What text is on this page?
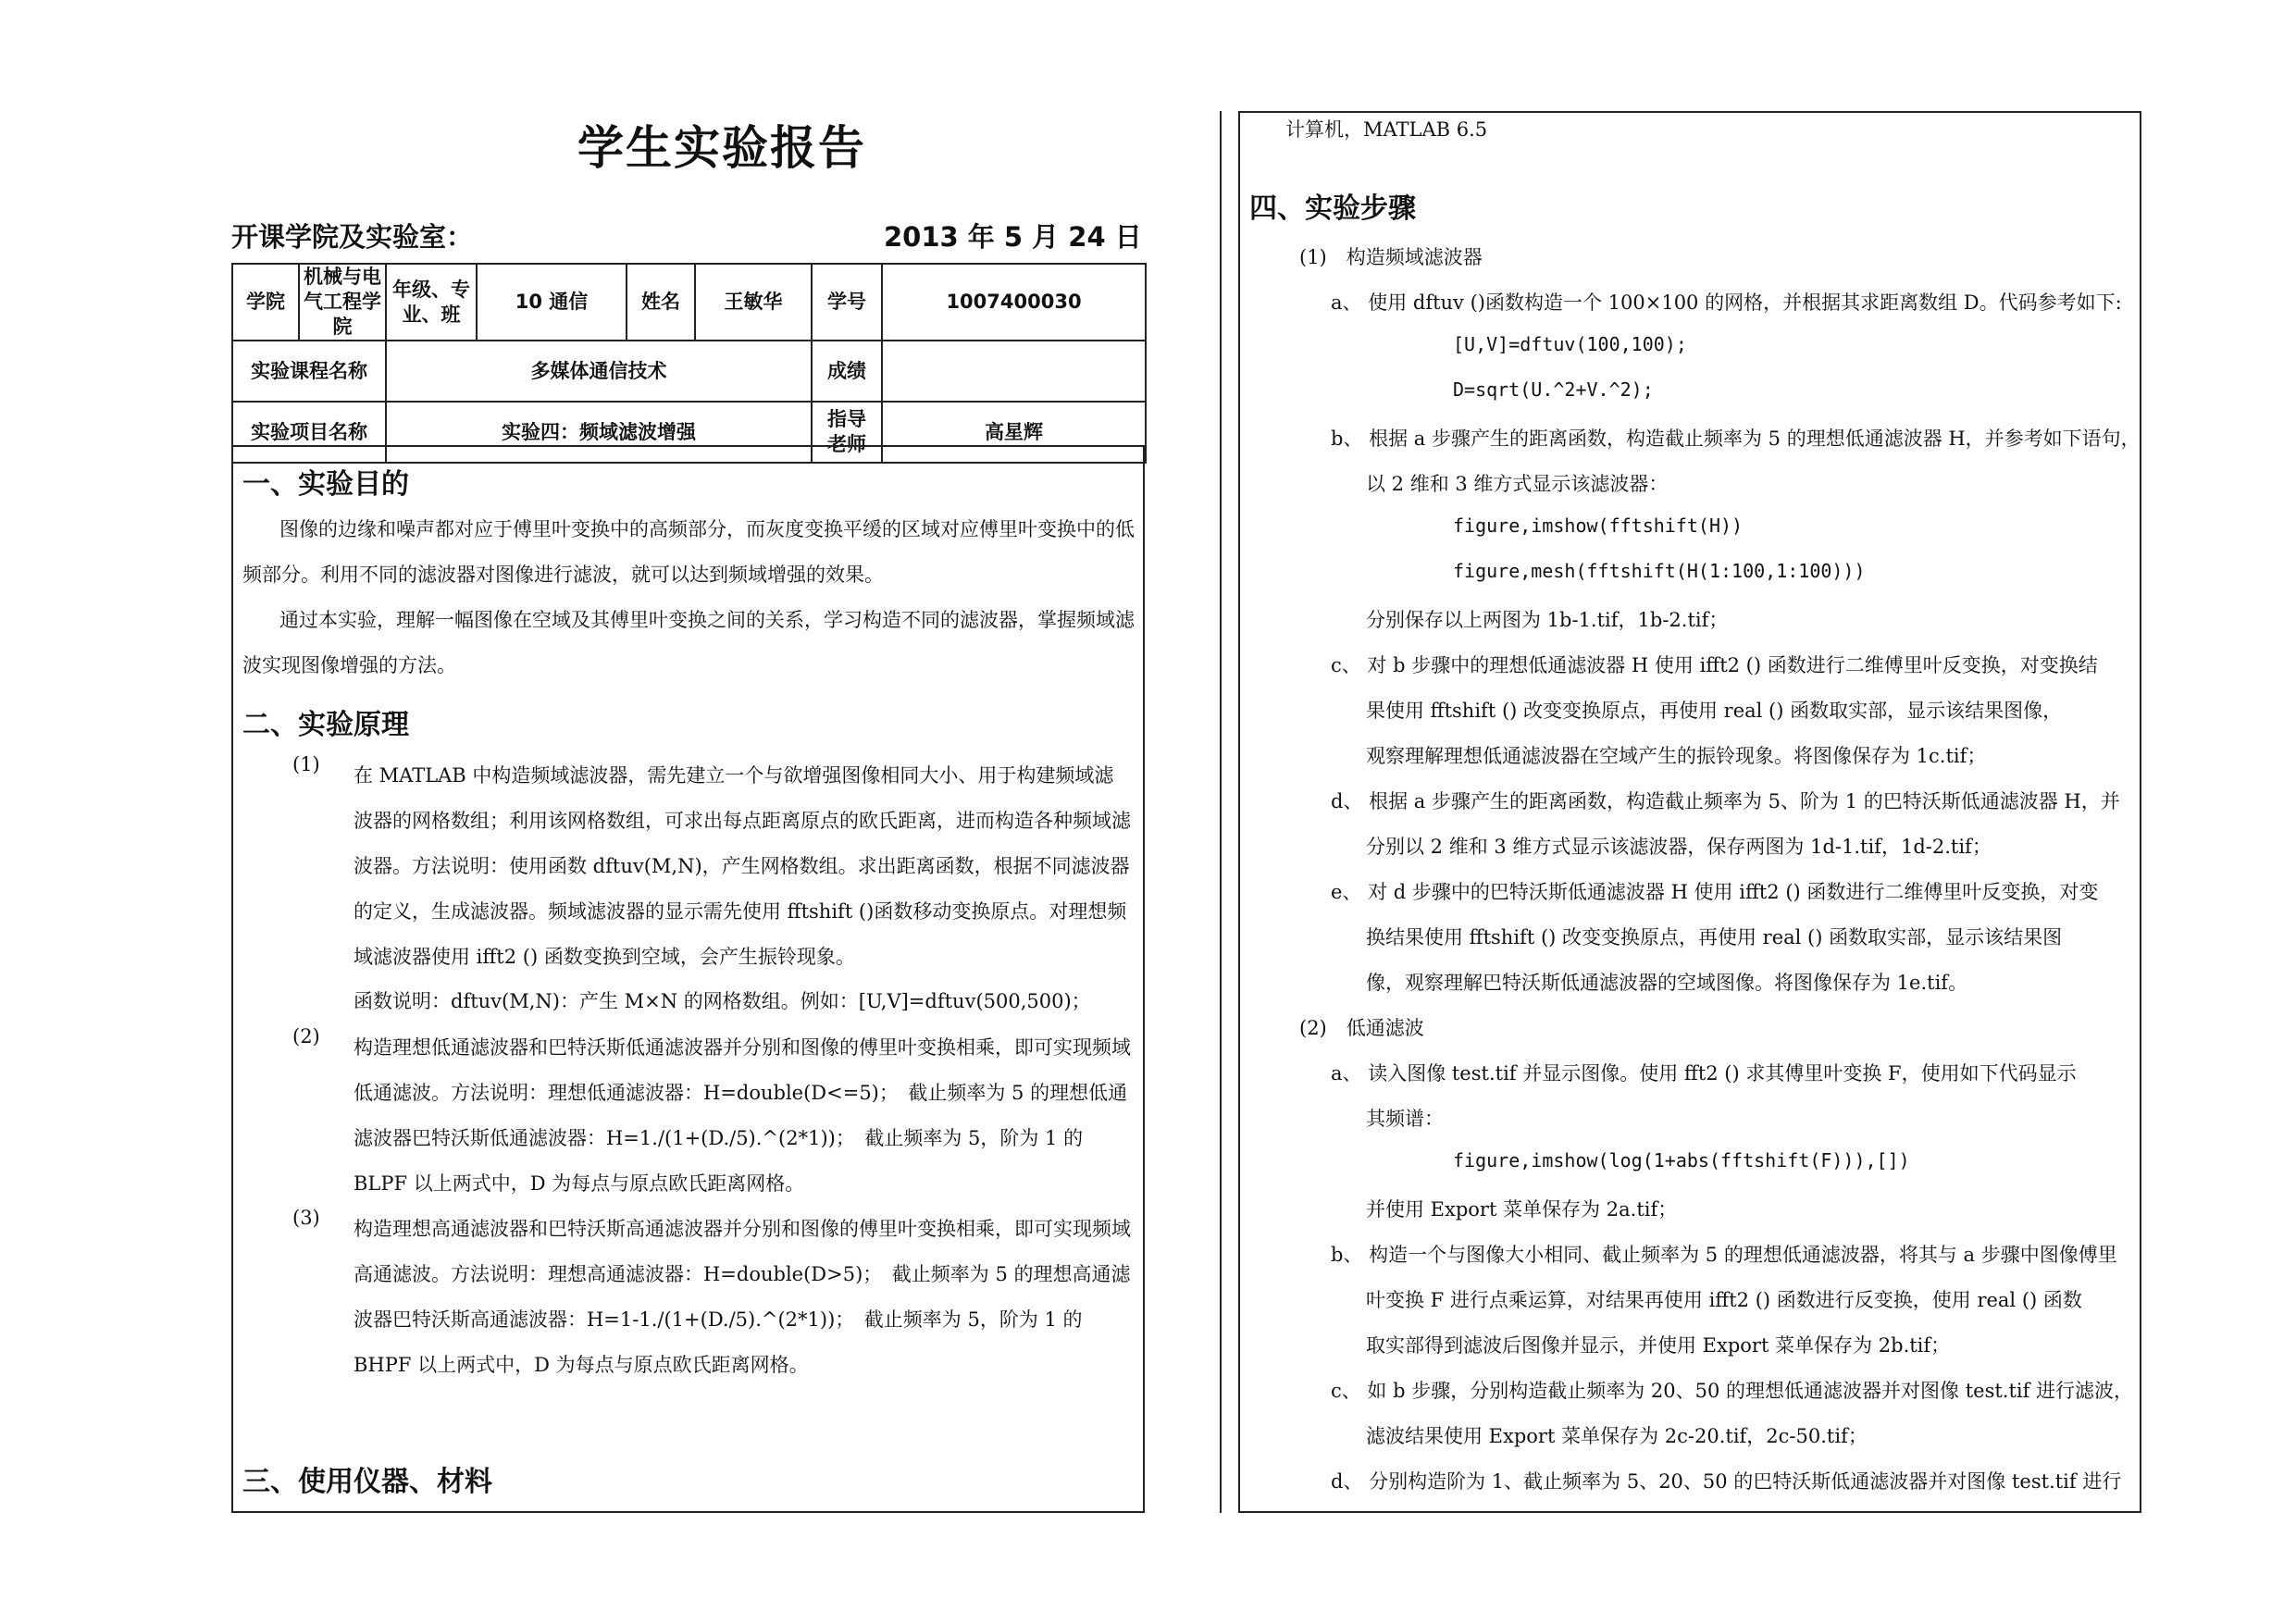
学生实验报告
开课学院及实验室：	2013 年 5 月 24 日
学院	机械与电气工程学院	年级、专业、班	10 通信	姓名	王敏华	学号	1007400030
实验课程名称		多媒体通信技术				成绩	
实验项目名称		实验四：频域滤波增强				指导老师	高星辉
一、实验目的
图像的边缘和噪声都对应于傅里叶变换中的高频部分，而灰度变换平缓的区域对应傅里叶变换中的低频部分。利用不同的滤波器对图像进行滤波，就可以达到频域增强的效果。
通过本实验，理解一幅图像在空域及其傅里叶变换之间的关系，学习构造不同的滤波器，掌握频域滤波实现图像增强的方法。
二、实验原理
(1) 在 MATLAB 中构造频域滤波器，需先建立一个与欲增强图像相同大小、用于构建频域滤波器的网格数组；利用该网格数组，可求出每点距离原点的欧氏距离，进而构造各种频域滤波器。方法说明：使用函数 dftuv(M,N)，产生网格数组。求出距离函数，根据不同滤波器的定义，生成滤波器。频域滤波器的显示需先使用 fftshift ()函数移动变换原点。对理想频域滤波器使用 ifft2 () 函数变换到空域，会产生振铃现象。
函数说明：dftuv(M,N)：产生 M×N 的网格数组。例如：[U,V]=dftuv(500,500)；
(2) 构造理想低通滤波器和巴特沃斯低通滤波器并分别和图像的傅里叶变换相乘，即可实现频域低通滤波。方法说明：理想低通滤波器：H=double(D<=5)；　截止频率为 5 的理想低通滤波器巴特沃斯低通滤波器：H=1./(1+(D./5).^(2*1))；　截止频率为 5，阶为 1 的 BLPF 以上两式中，D 为每点与原点欧氏距离网格。
(3) 构造理想高通滤波器和巴特沃斯高通滤波器并分别和图像的傅里叶变换相乘，即可实现频域高通滤波。方法说明：理想高通滤波器：H=double(D>5)；　截止频率为 5 的理想高通滤波器巴特沃斯高通滤波器：H=1-1./(1+(D./5).^(2*1))；　截止频率为 5，阶为 1 的 BHPF 以上两式中，D 为每点与原点欧氏距离网格。
三、使用仪器、材料
计算机，MATLAB 6.5
四、实验步骤
(1)　构造频域滤波器
a、 使用 dftuv ()函数构造一个 100×100 的网格，并根据其求距离数组 D。代码参考如下:
[U,V]=dftuv(100,100);
D=sqrt(U.^2+V.^2);
b、 根据 a 步骤产生的距离函数，构造截止频率为 5 的理想低通滤波器 H，并参考如下语句，
以 2 维和 3 维方式显示该滤波器：
figure,imshow(fftshift(H))
figure,mesh(fftshift(H(1:100,1:100)))
分别保存以上两图为 1b-1.tif，1b-2.tif；
c、 对 b 步骤中的理想低通滤波器 H 使用 ifft2 () 函数进行二维傅里叶反变换，对变换结
果使用 fftshift () 改变变换原点，再使用 real () 函数取实部，显示该结果图像，
观察理解理想低通滤波器在空域产生的振铃现象。将图像保存为 1c.tif；
d、 根据 a 步骤产生的距离函数，构造截止频率为 5、阶为 1 的巴特沃斯低通滤波器 H，并
分别以 2 维和 3 维方式显示该滤波器，保存两图为 1d-1.tif，1d-2.tif；
e、 对 d 步骤中的巴特沃斯低通滤波器 H 使用 ifft2 () 函数进行二维傅里叶反变换，对变
换结果使用 fftshift () 改变变换原点，再使用 real () 函数取实部，显示该结果图
像，观察理解巴特沃斯低通滤波器的空域图像。将图像保存为 1e.tif。
(2)　低通滤波
a、 读入图像 test.tif 并显示图像。使用 fft2 () 求其傅里叶变换 F，使用如下代码显示
其频谱：
figure,imshow(log(1+abs(fftshift(F))),[])
并使用 Export 菜单保存为 2a.tif；
b、 构造一个与图像大小相同、截止频率为 5 的理想低通滤波器，将其与 a 步骤中图像傅里
叶变换 F 进行点乘运算，对结果再使用 ifft2 () 函数进行反变换，使用 real () 函数
取实部得到滤波后图像并显示，并使用 Export 菜单保存为 2b.tif；
c、 如 b 步骤，分别构造截止频率为 20、50 的理想低通滤波器并对图像 test.tif 进行滤波，
滤波结果使用 Export 菜单保存为 2c-20.tif，2c-50.tif；
d、 分别构造阶为 1、截止频率为 5、20、50 的巴特沃斯低通滤波器并对图像 test.tif 进行
